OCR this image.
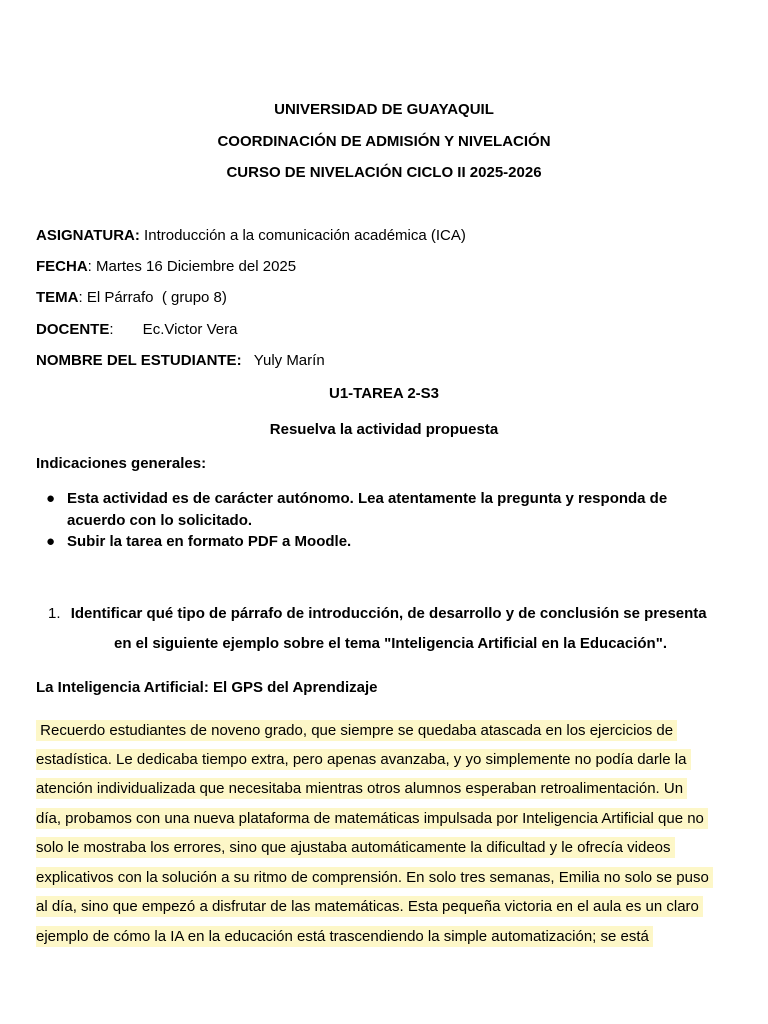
UNIVERSIDAD DE GUAYAQUIL
COORDINACIÓN DE ADMISIÓN Y NIVELACIÓN
CURSO DE NIVELACIÓN CICLO II 2025-2026
ASIGNATURA: Introducción a la comunicación académica (ICA)
FECHA: Martes 16 Diciembre del 2025
TEMA: El Párrafo  ( grupo 8)
DOCENTE:       Ec.Victor Vera
NOMBRE DEL ESTUDIANTE:   Yuly Marín
U1-TAREA 2-S3
Resuelva la actividad propuesta
Indicaciones generales:
● Esta actividad es de carácter autónomo. Lea atentamente la pregunta y responda de acuerdo con lo solicitado.
● Subir la tarea en formato PDF a Moodle.
1. Identificar qué tipo de párrafo de introducción, de desarrollo y de conclusión se presenta
en el siguiente ejemplo sobre el tema "Inteligencia Artificial en la Educación".
La Inteligencia Artificial: El GPS del Aprendizaje
Recuerdo estudiantes de noveno grado, que siempre se quedaba atascada en los ejercicios de
estadística. Le dedicaba tiempo extra, pero apenas avanzaba, y yo simplemente no podía darle la
atención individualizada que necesitaba mientras otros alumnos esperaban retroalimentación. Un
día, probamos con una nueva plataforma de matemáticas impulsada por Inteligencia Artificial que no
solo le mostraba los errores, sino que ajustaba automáticamente la dificultad y le ofrecía videos
explicativos con la solución a su ritmo de comprensión. En solo tres semanas, Emilia no solo se puso
al día, sino que empezó a disfrutar de las matemáticas. Esta pequeña victoria en el aula es un claro
ejemplo de cómo la IA en la educación está trascendiendo la simple automatización; se está
